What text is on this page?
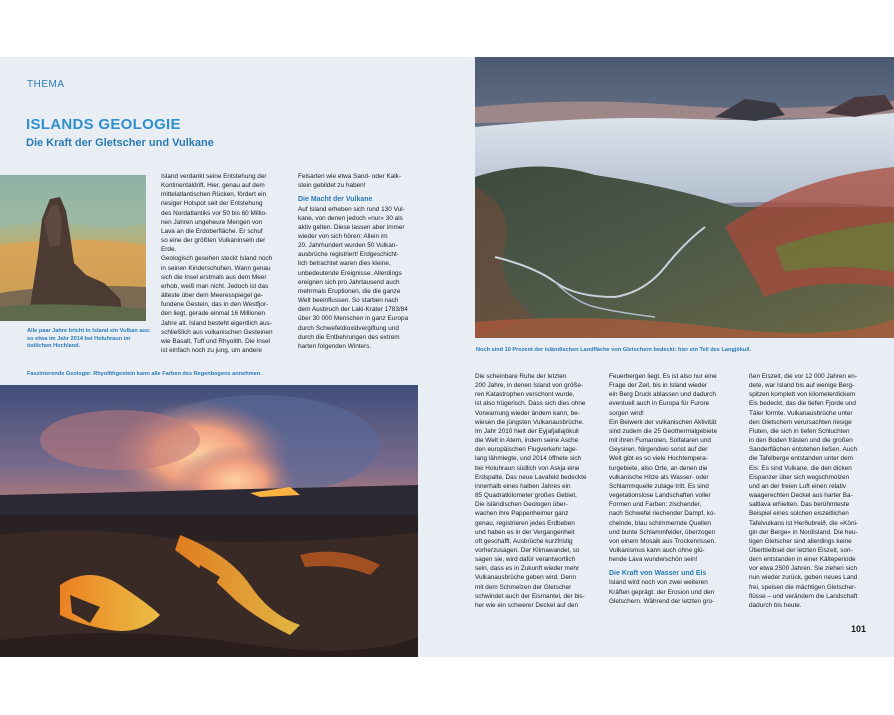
THEMA
ISLANDS GEOLOGIE
Die Kraft der Gletscher und Vulkane
Alle paar Jahre bricht in Island ein Vulkan aus: so etwa im Jahr 2014 bei Holuhraun im östlichen Hochland.

Island verdankt seine Entstehung der
Kontinentaldrift. Hier, genau auf dem
mittelatlantischen Rücken, fördert ein
riesiger Hotspot seit der Entstehung
des Nordatlantiks vor 50 bis 60 Millio-
nen Jahren ungeheure Mengen von
Lava an die Erdoberfläche. Er schuf
so eine der größten Vulkaninseln der
Erde.
Geologisch gesehen steckt Island noch
in seinen Kinderschuhen. Wann genau
sich die Insel erstmals aus dem Meer
erhob, weiß man nicht. Jedoch ist das
älteste über dem Meeresspiegel ge-
fundene Gestein, das in den Westfjor-
den liegt, gerade einmal 16 Millionen
Jahre alt. Island besteht eigentlich aus-
schließlich aus vulkanischen Gesteinen
wie Basalt, Tuff und Rhyolith. Die Insel
ist einfach noch zu jung, um andere

Felsarten wie etwa Sand- oder Kalk-
stein gebildet zu haben!

Die Macht der Vulkane

Auf Island erheben sich rund 130 Vul-
kane, von denen jedoch »nur« 30 als
aktiv gelten. Diese lassen aber immer
wieder von sich hören: Allein im
20. Jahrhundert wurden 50 Vulkan-
ausbrüche registriert! Erdgeschicht-
lich betrachtet waren dies kleine,
unbedeutende Ereignisse. Allerdings
ereignen sich pro Jahrtausend auch
mehrmals Eruptionen, die die ganze
Welt beeinflussen. So starben nach
dem Ausbruch der Laki-Krater 1783/84
über 30 000 Menschen in ganz Europa
durch Schwefeldioxidvergiftung und
durch die Entbehrungen des extrem
harten folgenden Winters.

Faszinierende Geologie: Rhyolithgestein kann alle Farben des Regenbogens annehmen.
Noch sind 10 Prozent der isländischen Landfläche von Gletschern bedeckt: hier ein Teil des Langjökull.

Die scheinbare Ruhe der letzten
200 Jahre, in denen Island von größe-
ren Katastrophen verschont wurde,
ist also trügerisch. Dass sich dies ohne
Vorwarnung wieder ändern kann, be-
wiesen die jüngsten Vulkanausbrüche.
Im Jahr 2010 hielt der Eyjafjallajökull
die Welt in Atem, indem seine Asche
den europäischen Flugverkehr tage-
lang lähmlegte, und 2014 öffnete sich
bei Holuhraun südlich von Askja eine
Erdspalte. Das neue Lavafeld bedeckte
innerhalb eines halben Jahres ein
85 Quadratkilometer großes Gebiet.
Die isländischen Geologen über-
wachen ihre Pappenheimer ganz
genau, registrieren jedes Erdbeben
und haben es in der Vergangenheit
oft geschafft, Ausbrüche kurzfristig
vorherzusagen. Der Klimawandel, so
sagen sie, wird dafür verantwortlich
sein, dass es in Zukunft wieder mehr
Vulkanausbrüche geben wird. Denn
mit dem Schmelzen der Gletscher
schwindet auch der Eismantel, der bis-
her wie ein schwerer Deckel auf den

Feuerbergen liegt. Es ist also nur eine
Frage der Zeit, bis in Island wieder
ein Berg Druck ablassen und dadurch
eventuell auch in Europa für Furore
sorgen wird!
Ein Beiwerk der vulkanischen Aktivität
sind zudem die 25 Geothermalgebiete
mit ihren Fumarolen, Solfataren und
Geysiren. Nirgendwo sonst auf der
Welt gibt es so viele Hochtempera-
turgebiete, also Orte, an denen die
vulkanische Hitze als Wasser- oder
Schlammquelle zutage tritt. Es sind
vegetationslose Landschaften voller
Formen und Farben: zischender,
nach Schwefel riechender Dampf, ko-
chelnde, blau schimmernde Quellen
und bunte Schlammfelder, überzogen
von einem Mosaik aus Trockenrissen.
Vulkanismus kann auch ohne glü-
hende Lava wunderschön sein!

Die Kraft von Wasser und Eis

Island wird noch von zwei weiteren
Kräften geprägt: der Erosion und den
Gletschern. Während der letzten gro-

ßen Eiszeit, die vor 12 000 Jahren en-
dete, war Island bis auf wenige Berg-
spitzen komplett von kilometerdickem
Eis bedeckt, das die tiefen Fjorde und
Täler formte. Vulkanausbrüche unter
den Gletschern verursachten riesige
Fluten, die sich in tiefen Schluchten
in den Boden frästen und die großen
Sanderflächen entstehen ließen. Auch
die Tafelberge entstanden unter dem
Eis: Es sind Vulkane, die den dicken
Eispanzer über sich wegschmolzen
und an der freien Luft einen relativ
waagerechten Deckel aus harter Ba-
saltlava erhielten. Das berühmteste
Beispiel eines solchen eiszeitlichen
Tafelvulkans ist Herðubreið, die »Köni-
gin der Berge« in Nordisland. Die heu-
tigen Gletscher sind allerdings keine
Überbleibsel der letzten Eiszeit, son-
dern entstanden in einer Kälteperiode
vor etwa 2500 Jahren. Sie ziehen sich
nun wieder zurück, geben neues Land
frei, speisen die mächtigen Gletscher-
flüsse – und verändern die Landschaft
dadurch bis heute.

101
